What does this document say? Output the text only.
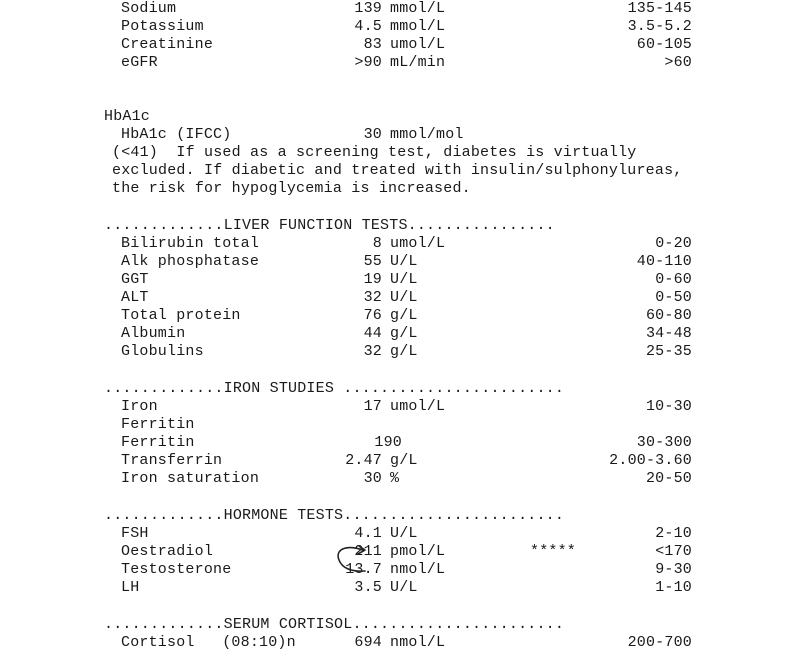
Sodium	139 mmol/L	135-145
Potassium	4.5 mmol/L	3.5-5.2
Creatinine	83 umol/L	60-105
eGFR	>90 mL/min	>60
HbA1c
HbA1c (IFCC)	30 mmol/mol
(<41)  If used as a screening test, diabetes is virtually
excluded. If diabetic and treated with insulin/sulphonylureas,
the risk for hypoglycemia is increased.
.............LIVER FUNCTION TESTS................
Bilirubin total	8 umol/L	0-20
Alk phosphatase	55 U/L	40-110
GGT	19 U/L	0-60
ALT	32 U/L	0-50
Total protein	76 g/L	60-80
Albumin	44 g/L	34-48
Globulins	32 g/L	25-35
.............IRON STUDIES ........................
Iron	17 umol/L	10-30
Ferritin
Ferritin	190	30-300
Transferrin	2.47 g/L	2.00-3.60
Iron saturation	30 %	20-50
.............HORMONE TESTS........................
FSH	4.1 U/L	2-10
Oestradiol	211 pmol/L	*****	<170
Testosterone	13.7 nmol/L	9-30
LH	3.5 U/L	1-10
.............SERUM CORTISOL.......................
Cortisol   (08:10)n	694 nmol/L	200-700
